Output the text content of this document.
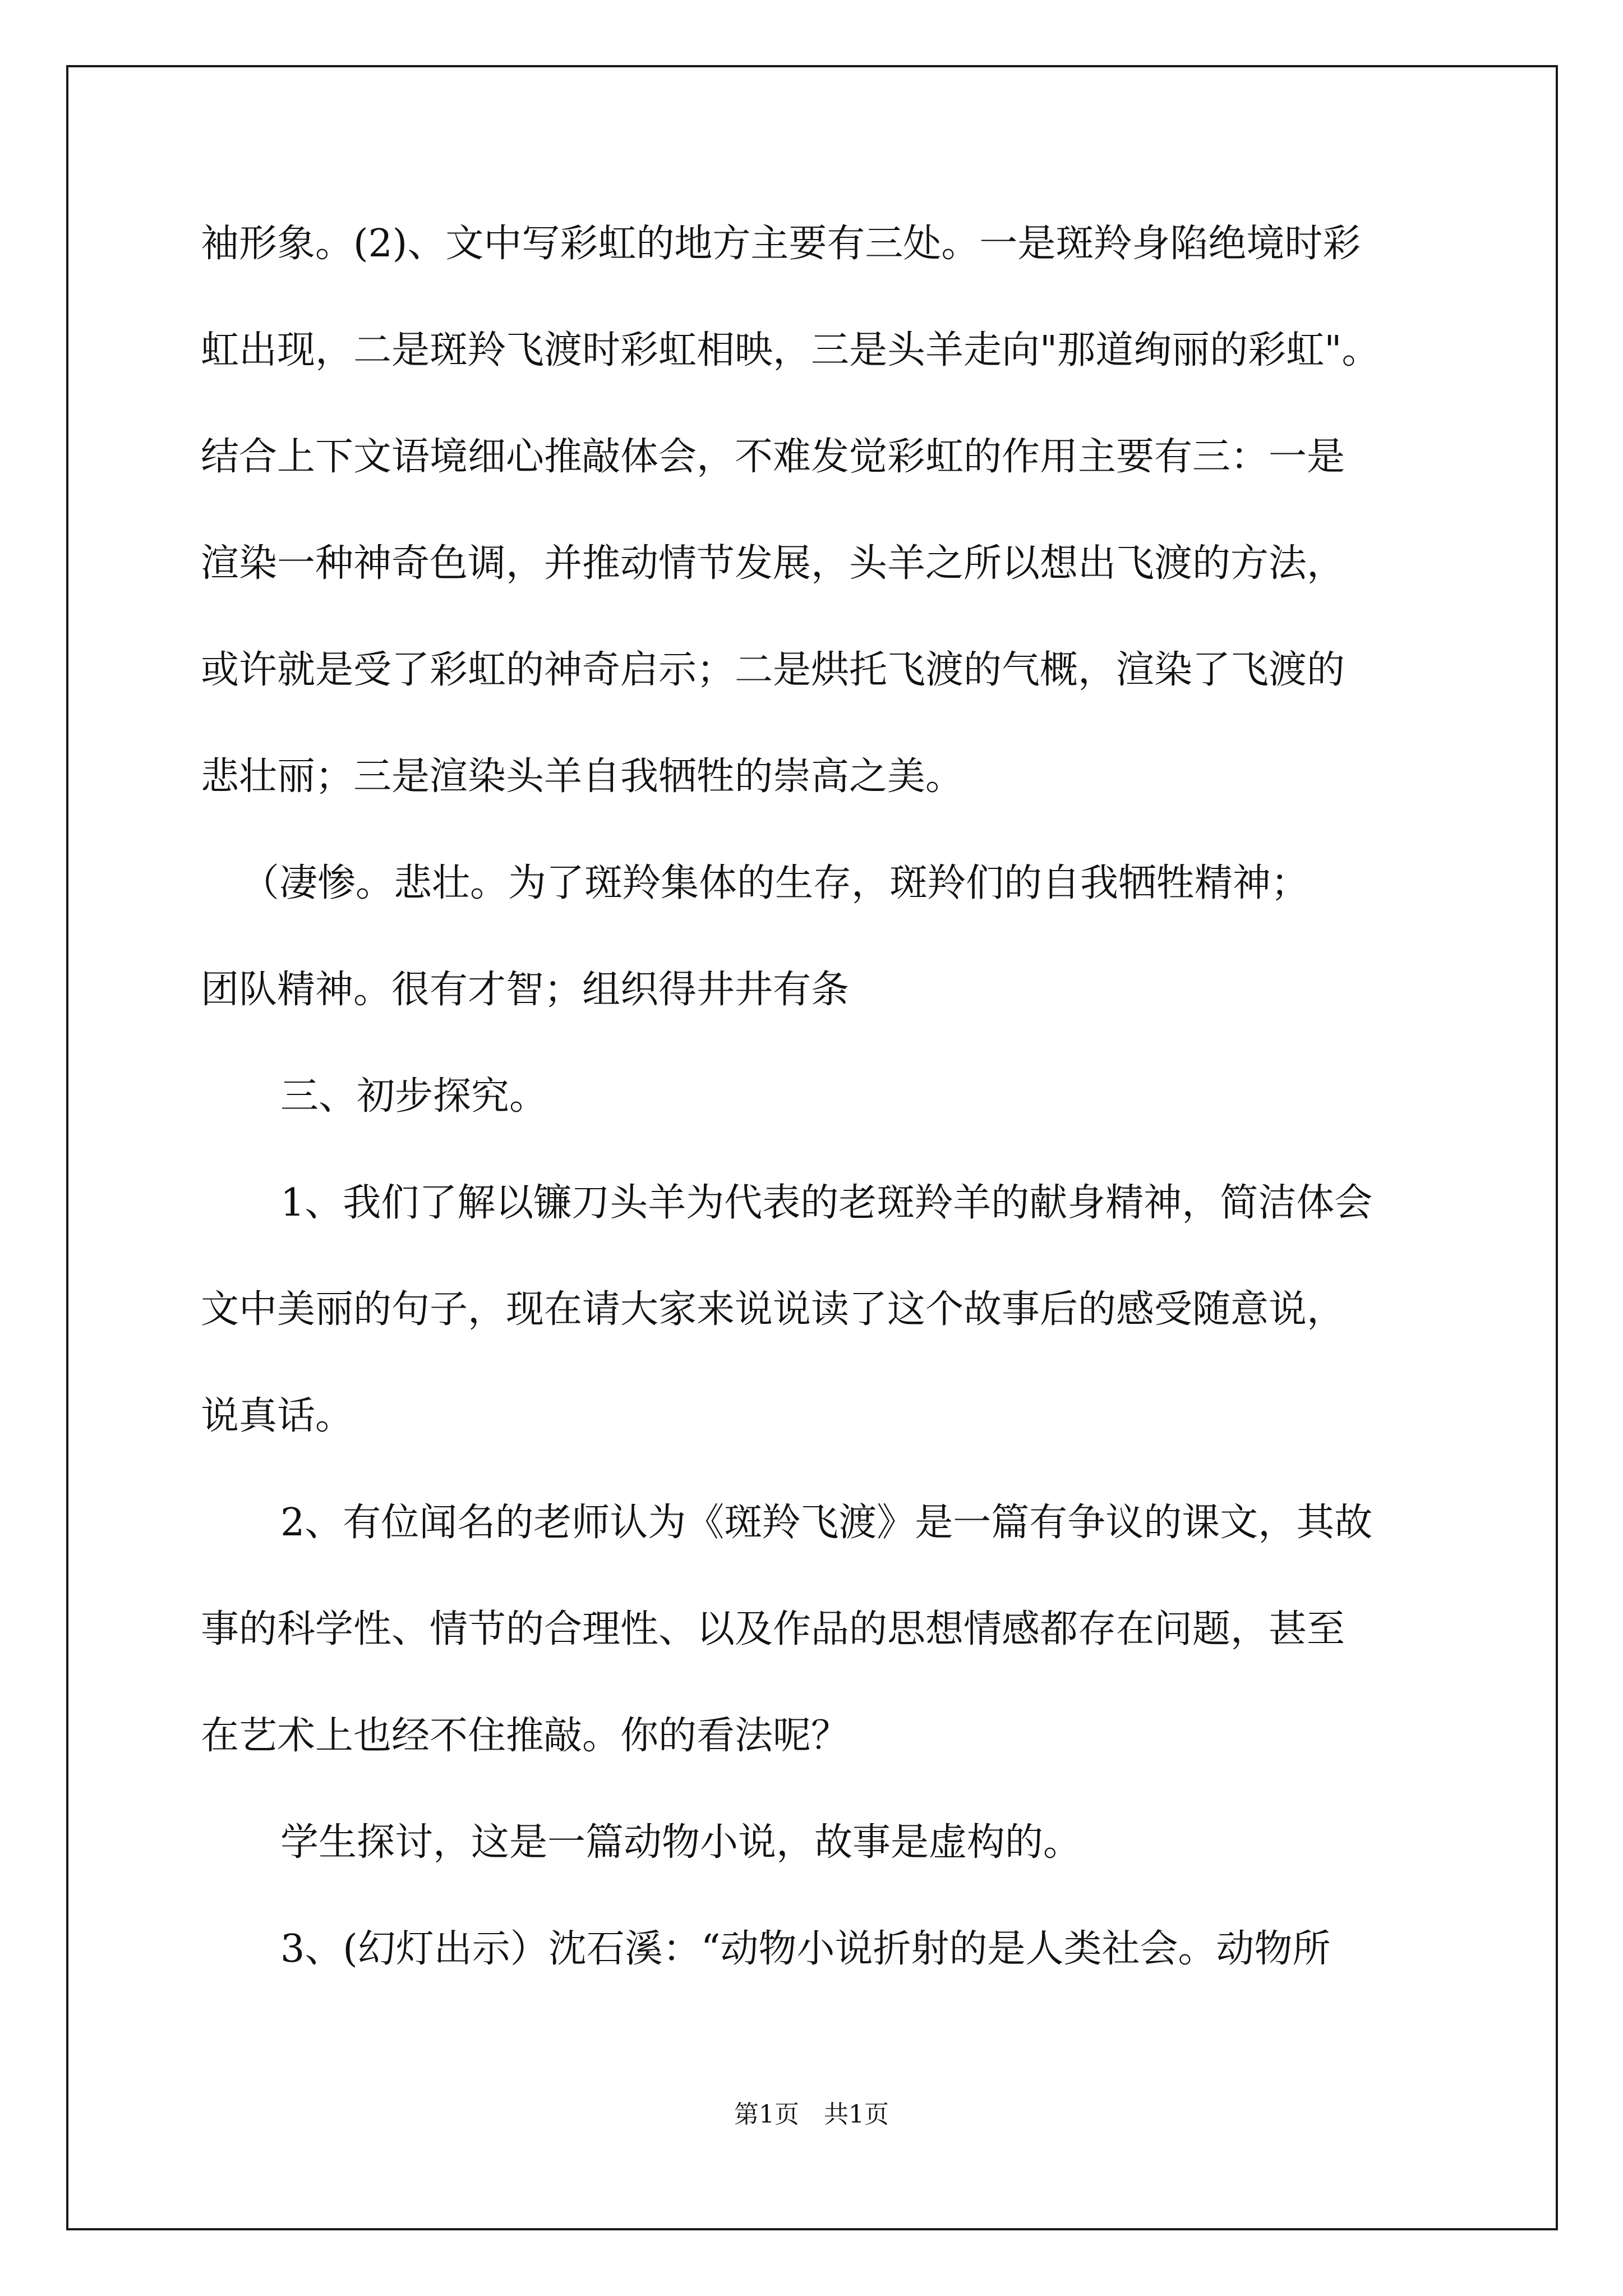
袖形象。(2)、文中写彩虹的地方主要有三处。一是斑羚身陷绝境时彩
虹出现，二是斑羚飞渡时彩虹相映，三是头羊走向"那道绚丽的彩虹"。
结合上下文语境细心推敲体会，不难发觉彩虹的作用主要有三：一是
渲染一种神奇色调，并推动情节发展，头羊之所以想出飞渡的方法，
或许就是受了彩虹的神奇启示；二是烘托飞渡的气概，渲染了飞渡的
悲壮丽；三是渲染头羊自我牺牲的崇高之美。
（凄惨。悲壮。为了斑羚集体的生存，斑羚们的自我牺牲精神；
团队精神。很有才智；组织得井井有条
三、初步探究。
1、我们了解以镰刀头羊为代表的老斑羚羊的献身精神，简洁体会
文中美丽的句子，现在请大家来说说读了这个故事后的感受随意说，
说真话。
2、有位闻名的老师认为《斑羚飞渡》是一篇有争议的课文，其故
事的科学性、情节的合理性、以及作品的思想情感都存在问题，甚至
在艺术上也经不住推敲。你的看法呢？
学生探讨，这是一篇动物小说，故事是虚构的。
3、(幻灯出示）沈石溪：“动物小说折射的是人类社会。动物所
第1页　共1页
